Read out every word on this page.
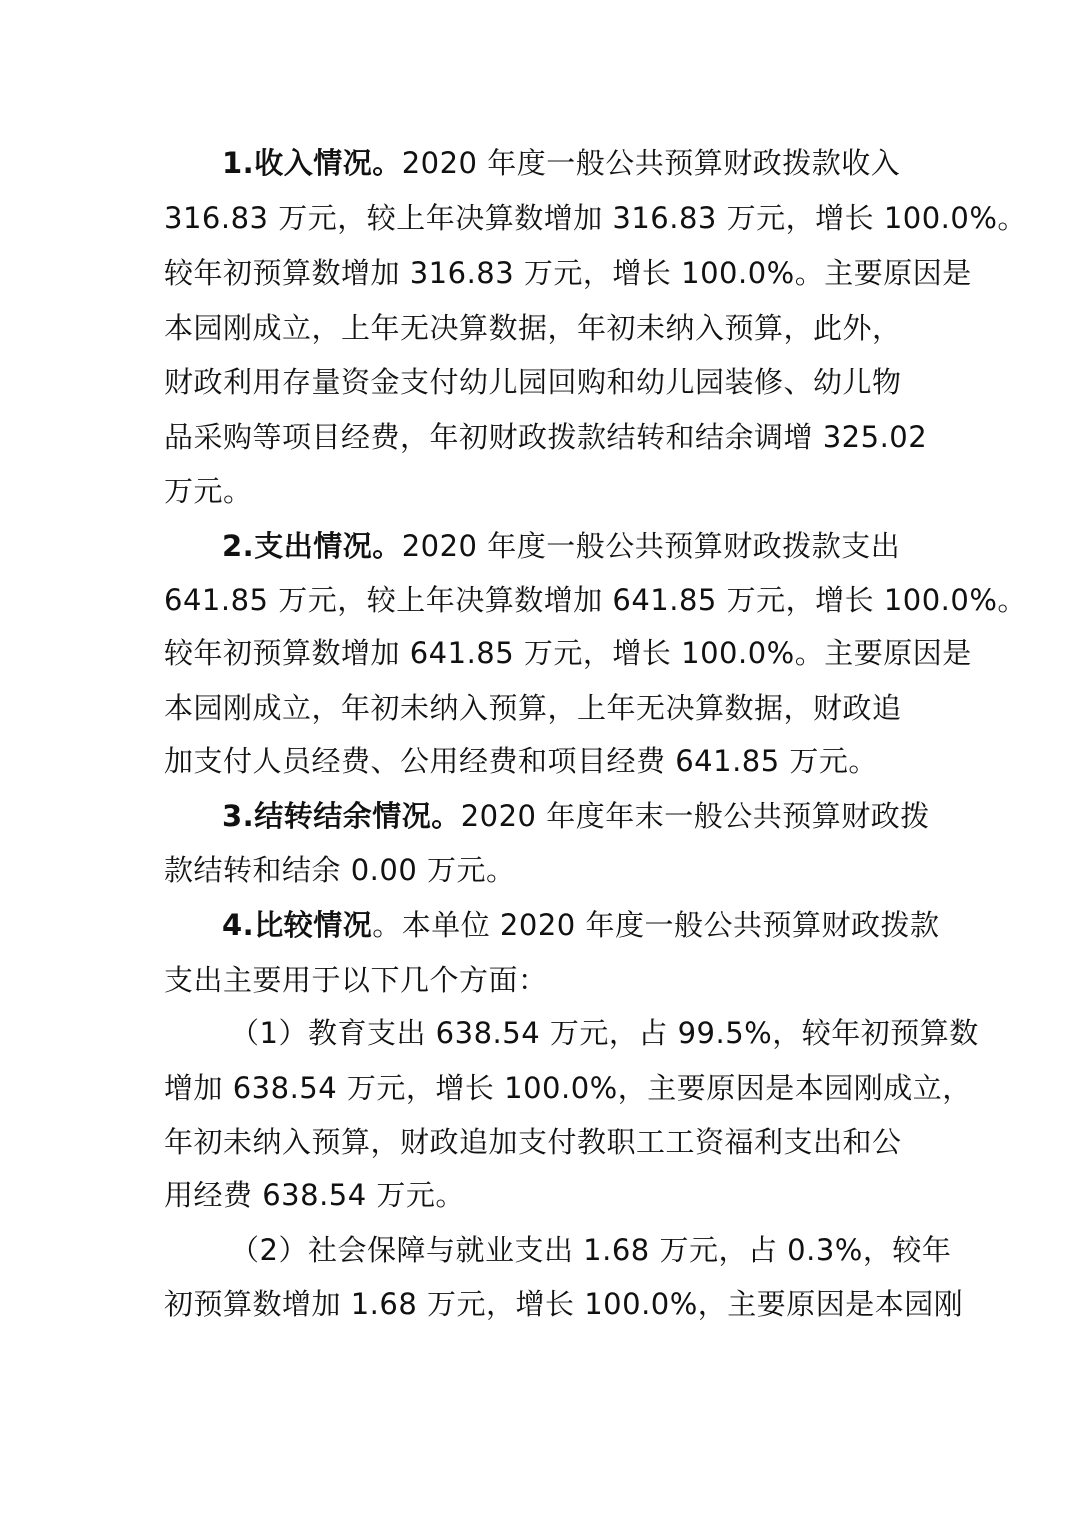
1.收入情况。2020 年度一般公共预算财政拨款收入
316.83 万元，较上年决算数增加 316.83 万元，增长 100.0%。
较年初预算数增加 316.83 万元，增长 100.0%。主要原因是
本园刚成立，上年无决算数据，年初未纳入预算，此外，
财政利用存量资金支付幼儿园回购和幼儿园装修、幼儿物
品采购等项目经费，年初财政拨款结转和结余调增 325.02
万元。
2.支出情况。2020 年度一般公共预算财政拨款支出
641.85 万元，较上年决算数增加 641.85 万元，增长 100.0%。
较年初预算数增加 641.85 万元，增长 100.0%。主要原因是
本园刚成立，年初未纳入预算，上年无决算数据，财政追
加支付人员经费、公用经费和项目经费 641.85 万元。
3.结转结余情况。2020 年度年末一般公共预算财政拨
款结转和结余 0.00 万元。
4.比较情况。本单位 2020 年度一般公共预算财政拨款
支出主要用于以下几个方面：
（1）教育支出 638.54 万元，占 99.5%，较年初预算数
增加 638.54 万元，增长 100.0%，主要原因是本园刚成立，
年初未纳入预算，财政追加支付教职工工资福利支出和公
用经费 638.54 万元。
（2）社会保障与就业支出 1.68 万元，占 0.3%，较年
初预算数增加 1.68 万元，增长 100.0%，主要原因是本园刚
